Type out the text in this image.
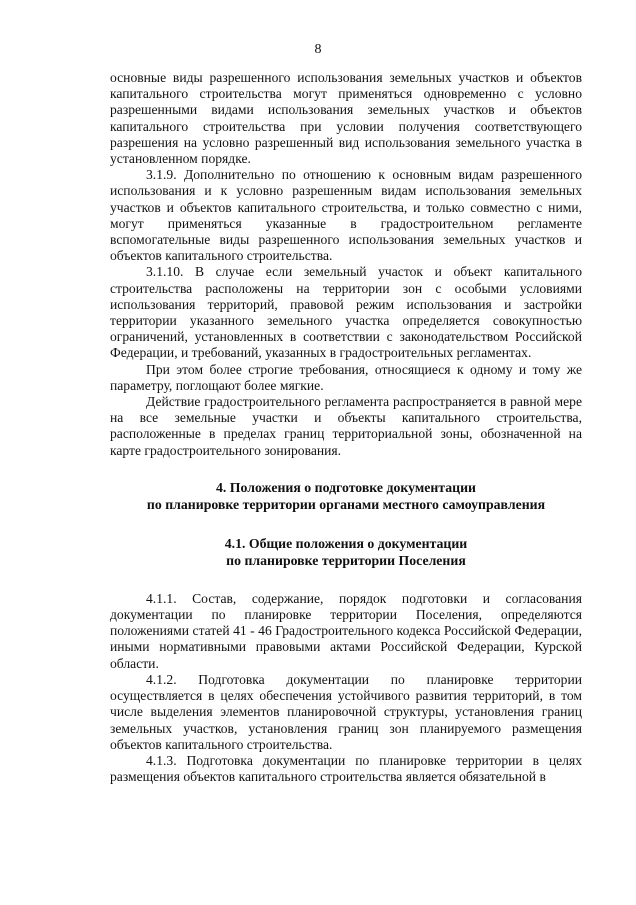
8

основные виды разрешенного использования земельных участков и объектов капитального строительства могут применяться одновременно с условно разрешенными видами использования земельных участков и объектов капитального строительства при условии получения соответствующего разрешения на условно разрешенный вид использования земельного участка в установленном порядке.

3.1.9. Дополнительно по отношению к основным видам разрешенного использования и к условно разрешенным видам использования земельных участков и объектов капитального строительства, и только совместно с ними, могут применяться указанные в градостроительном регламенте вспомогательные виды разрешенного использования земельных участков и объектов капитального строительства.

3.1.10. В случае если земельный участок и объект капитального строительства расположены на территории зон с особыми условиями использования территорий, правовой режим использования и застройки территории указанного земельного участка определяется совокупностью ограничений, установленных в соответствии с законодательством Российской Федерации, и требований, указанных в градостроительных регламентах.

При этом более строгие требования, относящиеся к одному и тому же параметру, поглощают более мягкие.

Действие градостроительного регламента распространяется в равной мере на все земельные участки и объекты капитального строительства, расположенные в пределах границ территориальной зоны, обозначенной на карте градостроительного зонирования.

4. Положения о подготовке документации
по планировке территории органами местного самоуправления
4.1. Общие положения о документации
по планировке территории Поселения

4.1.1. Состав, содержание, порядок подготовки и согласования документации по планировке территории Поселения, определяются положениями статей 41 - 46 Градостроительного кодекса Российской Федерации, иными нормативными правовыми актами Российской Федерации, Курской области.

4.1.2. Подготовка документации по планировке территории осуществляется в целях обеспечения устойчивого развития территорий, в том числе выделения элементов планировочной структуры, установления границ земельных участков, установления границ зон планируемого размещения объектов капитального строительства.

4.1.3. Подготовка документации по планировке территории в целях размещения объектов капитального строительства является обязательной в
